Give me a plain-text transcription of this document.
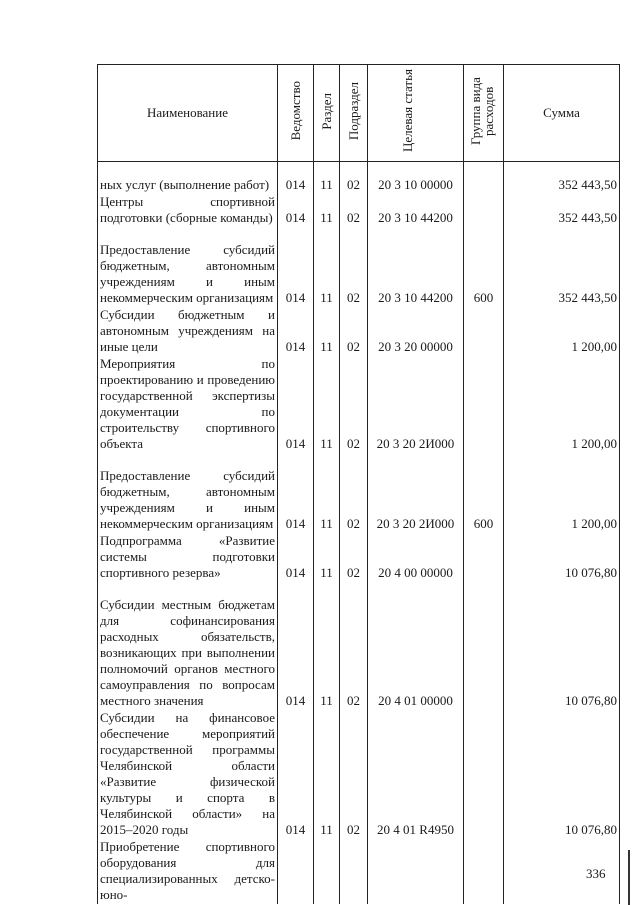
Наименование	Ведомство	Раздел	Подраздел	Целевая статья	Группа вида расходов	Сумма
ных услуг (выполнение работ)	014	11	02	20 3 10 00000		352 443,50
Центры спортивной подготовки (сборные команды)	014	11	02	20 3 10 44200		352 443,50
Предоставление субсидий бюджетным, автономным учреждениям и иным некоммерческим организациям	014	11	02	20 3 10 44200	600	352 443,50
Субсидии бюджетным и автономным учреждениям на иные цели	014	11	02	20 3 20 00000		1 200,00
Мероприятия по проектированию и проведению государственной экспертизы документации по строительству спортивного объекта	014	11	02	20 3 20 2И000		1 200,00
Предоставление субсидий бюджетным, автономным учреждениям и иным некоммерческим организациям	014	11	02	20 3 20 2И000	600	1 200,00
Подпрограмма «Развитие системы подготовки спортивного резерва»	014	11	02	20 4 00 00000		10 076,80
Субсидии местным бюджетам для софинансирования расходных обязательств, возникающих при выполнении полномочий органов местного самоуправления по вопросам местного значения	014	11	02	20 4 01 00000		10 076,80
Субсидии на финансовое обеспечение мероприятий государственной программы Челябинской области «Развитие физической культуры и спорта в Челябинской области» на 2015–2020 годы	014	11	02	20 4 01 R4950		10 076,80
Приобретение спортивного оборудования для специализированных детско-юно-						
336
